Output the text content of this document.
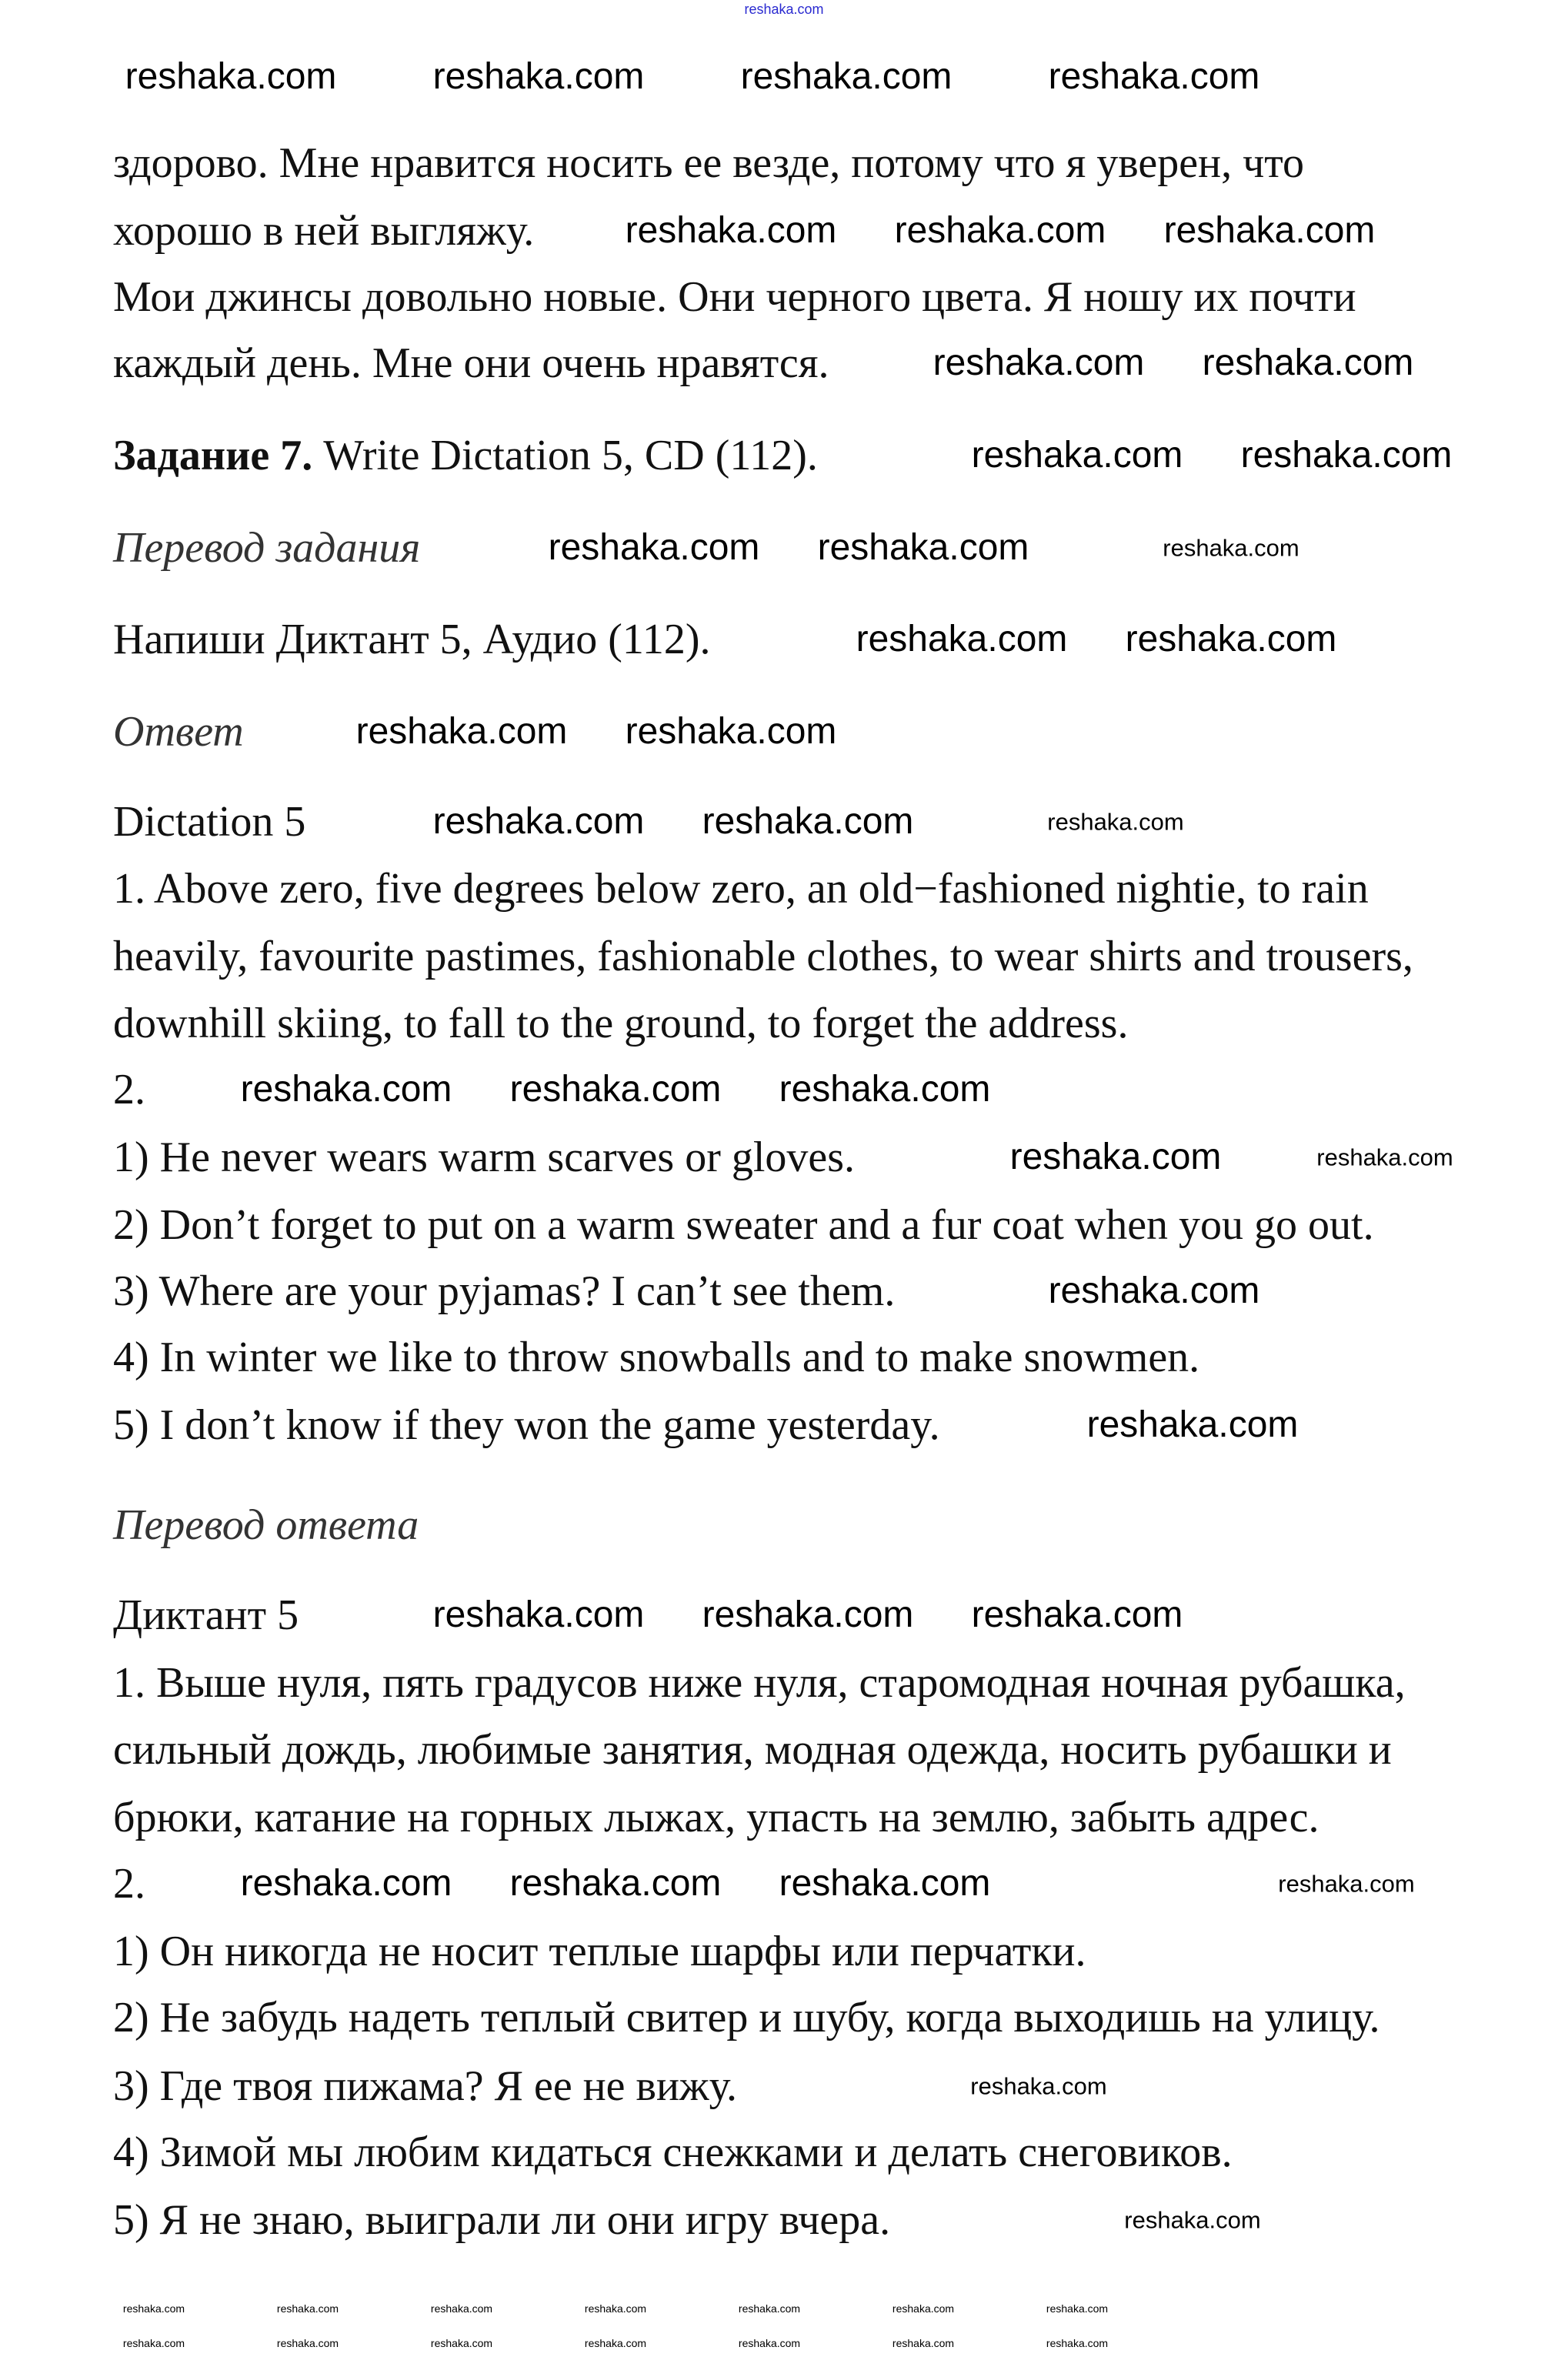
здорово. Мне нравится носить ее везде, потому что я уверен, что
хорошо в ней выгляжу.
Мои джинсы довольно новые. Они черного цвета. Я ношу их почти
каждый день. Мне они очень нравятся.
Задание 7. Write Dictation 5, CD (112).
Перевод задания
Напиши Диктант 5, Аудио (112).
Ответ
Dictation 5
1. Above zero, five degrees below zero, an old−fashioned nightie, to rain
heavily, favourite pastimes, fashionable clothes, to wear shirts and trousers,
downhill skiing, to fall to the ground, to forget the address.
2.
1) He never wears warm scarves or gloves.
2) Don’t forget to put on a warm sweater and a fur coat when you go out.
3) Where are your pyjamas? I can’t see them.
4) In winter we like to throw snowballs and to make snowmen.
5) I don’t know if they won the game yesterday.
Перевод ответа
Диктант 5
1. Выше нуля, пять градусов ниже нуля, старомодная ночная рубашка,
сильный дождь, любимые занятия, модная одежда, носить рубашки и
брюки, катание на горных лыжах, упасть на землю, забыть адрес.
2.
1) Он никогда не носит теплые шарфы или перчатки.
2) Не забудь надеть теплый свитер и шубу, когда выходишь на улицу.
3) Где твоя пижама? Я ее не вижу.
4) Зимой мы любим кидаться снежками и делать снеговиков.
5) Я не знаю, выиграли ли они игру вчера.
reshaka.com
reshaka.com	reshaka.com	reshaka.com	reshaka.com
reshaka.com reshaka.com reshaka.com
reshaka.com reshaka.com
reshaka.com reshaka.com
reshaka.com reshaka.com
reshaka.com reshaka.com
reshaka.com reshaka.com
reshaka.com reshaka.com
reshaka.com reshaka.com reshaka.com
reshaka.com
reshaka.com
reshaka.com
reshaka.com reshaka.com reshaka.com
reshaka.com reshaka.com reshaka.com
reshaka.com
reshaka.com
reshaka.com
reshaka.com
reshaka.com
reshaka.com
reshaka.com	reshaka.com	reshaka.com	reshaka.com	reshaka.com	reshaka.com	reshaka.com
reshaka.com	reshaka.com	reshaka.com	reshaka.com	reshaka.com	reshaka.com	reshaka.com
